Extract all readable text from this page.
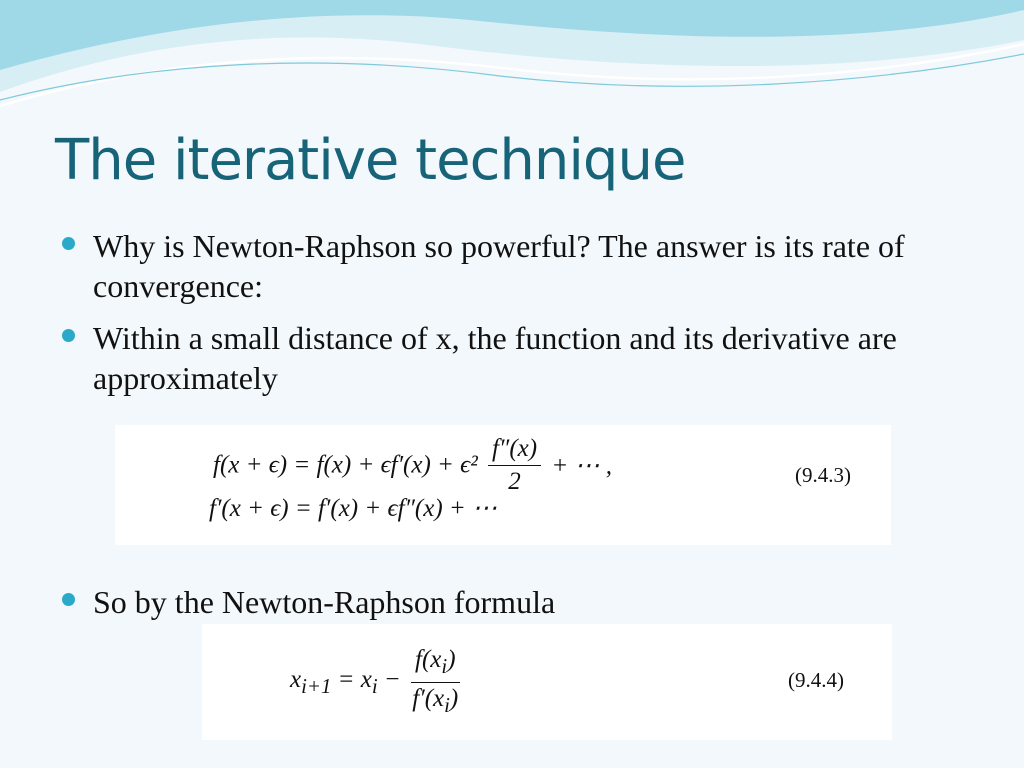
The iterative technique
Why is Newton-Raphson so powerful? The answer is its rate of convergence:
Within a small distance of x, the function and its derivative are approximately
$f(x + \epsilon) = f(x) + \epsilon f'(x) + \epsilon^2 \frac{f''(x)}{2}$ + ⋯ ,
f′(x + ϵ) = f′(x) + ϵf″(x) + ⋯
(9.4.3)
So by the Newton-Raphson formula
$x_{i+1} = x_i - \frac{f(x_i)}{f'(x_i)}$	(9.4.4)
